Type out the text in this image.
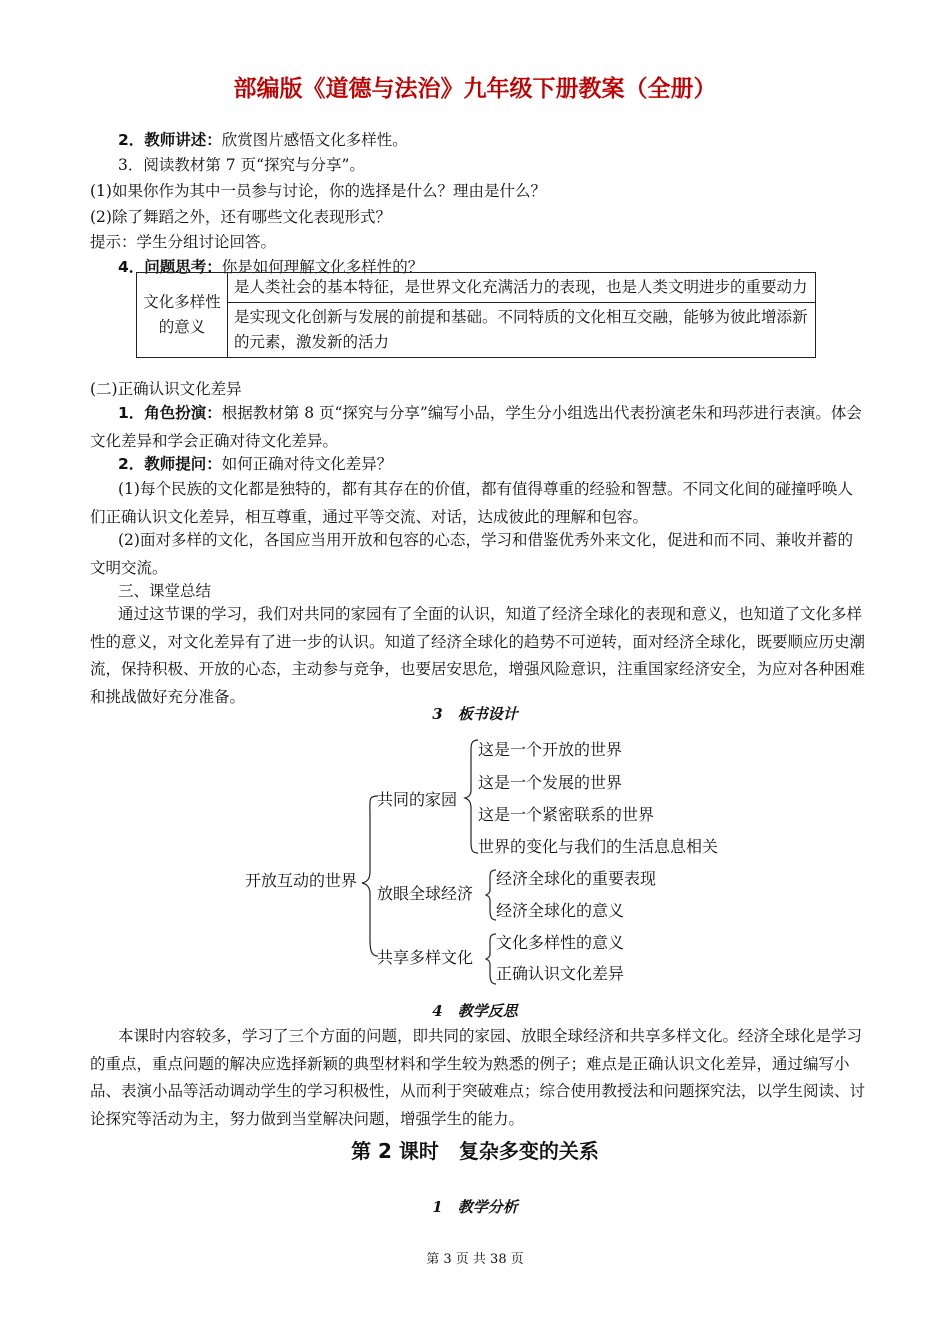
部编版《道德与法治》九年级下册教案（全册）
2．教师讲述：欣赏图片感悟文化多样性。
3．阅读教材第 7 页“探究与分享”。
(1)如果你作为其中一员参与讨论，你的选择是什么？理由是什么？
(2)除了舞蹈之外，还有哪些文化表现形式？
提示：学生分组讨论回答。
4．问题思考：你是如何理解文化多样性的？
文化多样性的意义	是人类社会的基本特征，是世界文化充满活力的表现，也是人类文明进步的重要动力
是实现文化创新与发展的前提和基础。不同特质的文化相互交融，能够为彼此增添新的元素，激发新的活力
(二)正确认识文化差异

1．角色扮演：根据教材第 8 页“探究与分享”编写小品，学生分小组选出代表扮演老朱和玛莎进行表演。体会文化差异和学会正确对待文化差异。

2．教师提问：如何正确对待文化差异？

(1)每个民族的文化都是独特的，都有其存在的价值，都有值得尊重的经验和智慧。不同文化间的碰撞呼唤人们正确认识文化差异，相互尊重，通过平等交流、对话，达成彼此的理解和包容。

(2)面对多样的文化，各国应当用开放和包容的心态，学习和借鉴优秀外来文化，促进和而不同、兼收并蓄的文明交流。

三、课堂总结

通过这节课的学习，我们对共同的家园有了全面的认识，知道了经济全球化的表现和意义，也知道了文化多样性的意义，对文化差异有了进一步的认识。知道了经济全球化的趋势不可逆转，面对经济全球化，既要顺应历史潮流，保持积极、开放的心态，主动参与竞争，也要居安思危，增强风险意识，注重国家经济安全，为应对各种困难和挑战做好充分准备。

3　板书设计
开放互动的世界
共同的家园
这是一个开放的世界
这是一个发展的世界
这是一个紧密联系的世界
世界的变化与我们的生活息息相关
放眼全球经济
经济全球化的重要表现
经济全球化的意义
共享多样文化
文化多样性的意义
正确认识文化差异
4　教学反思

本课时内容较多，学习了三个方面的问题，即共同的家园、放眼全球经济和共享多样文化。经济全球化是学习的重点，重点问题的解决应选择新颖的典型材料和学生较为熟悉的例子；难点是正确认识文化差异，通过编写小品、表演小品等活动调动学生的学习积极性，从而利于突破难点；综合使用教授法和问题探究法，以学生阅读、讨论探究等活动为主，努力做到当堂解决问题，增强学生的能力。

第 2 课时　复杂多变的关系
1　教学分析
第 3 页 共 38 页
